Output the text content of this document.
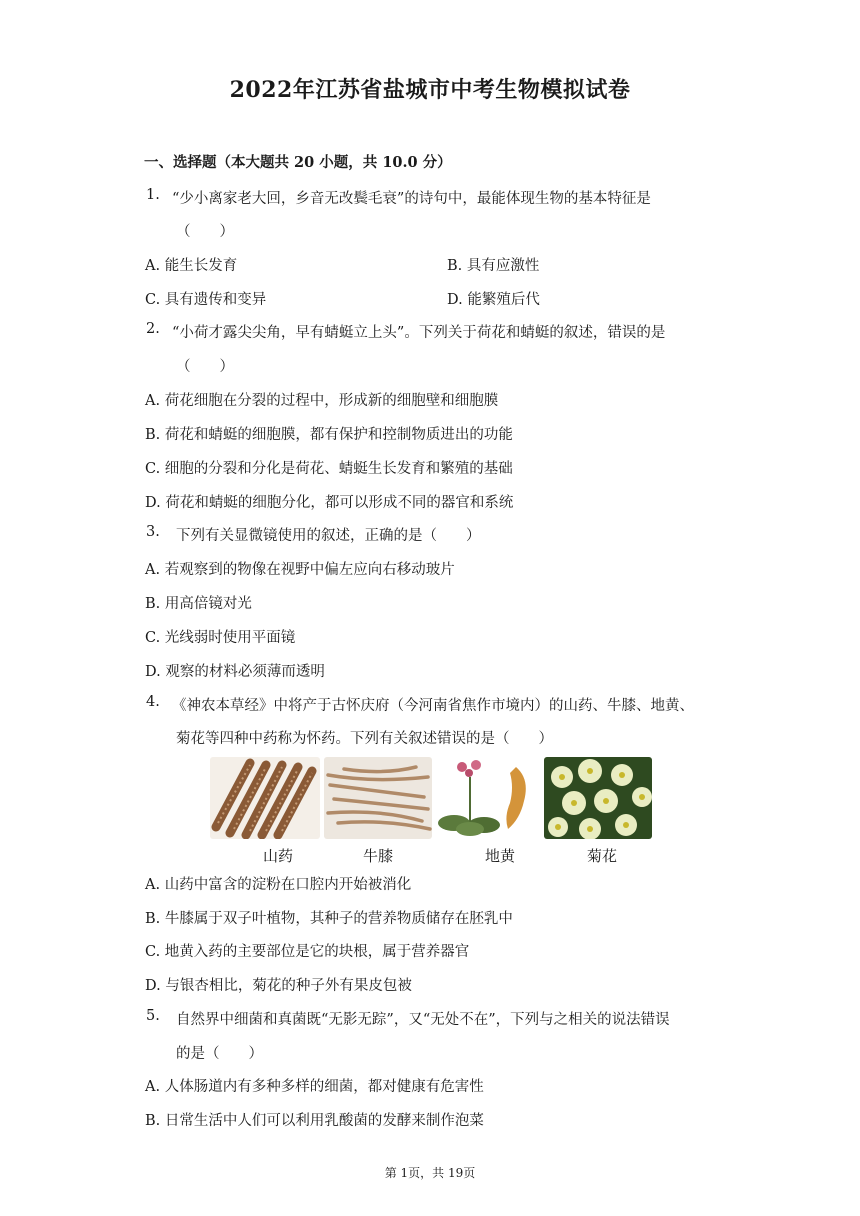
2022年江苏省盐城市中考生物模拟试卷
一、选择题（本大题共 20 小题，共 10.0 分）
1. “少小离家老大回，乡音无改鬓毛衰”的诗句中，最能体现生物的基本特征是
（　　）
A. 能生长发育	B. 具有应激性
C. 具有遗传和变异	D. 能繁殖后代
2. “小荷才露尖尖角，早有蜻蜓立上头”。下列关于荷花和蜻蜓的叙述，错误的是
（　　）
A. 荷花细胞在分裂的过程中，形成新的细胞壁和细胞膜
B. 荷花和蜻蜓的细胞膜，都有保护和控制物质进出的功能
C. 细胞的分裂和分化是荷花、蜻蜓生长发育和繁殖的基础
D. 荷花和蜻蜓的细胞分化，都可以形成不同的器官和系统
3. 下列有关显微镜使用的叙述，正确的是（　　）
A. 若观察到的物像在视野中偏左应向右移动玻片
B. 用高倍镜对光
C. 光线弱时使用平面镜
D. 观察的材料必须薄而透明
4. 《神农本草经》中将产于古怀庆府（今河南省焦作市境内）的山药、牛膝、地黄、
菊花等四种中药称为怀药。下列有关叙述错误的是（　　）
山药	牛膝	地黄	菊花
A. 山药中富含的淀粉在口腔内开始被消化
B. 牛膝属于双子叶植物，其种子的营养物质储存在胚乳中
C. 地黄入药的主要部位是它的块根，属于营养器官
D. 与银杏相比，菊花的种子外有果皮包被
5. 自然界中细菌和真菌既“无影无踪”，又“无处不在”，下列与之相关的说法错误
的是（　　）
A. 人体肠道内有多种多样的细菌，都对健康有危害性
B. 日常生活中人们可以利用乳酸菌的发酵来制作泡菜
第 1页，共 19页
